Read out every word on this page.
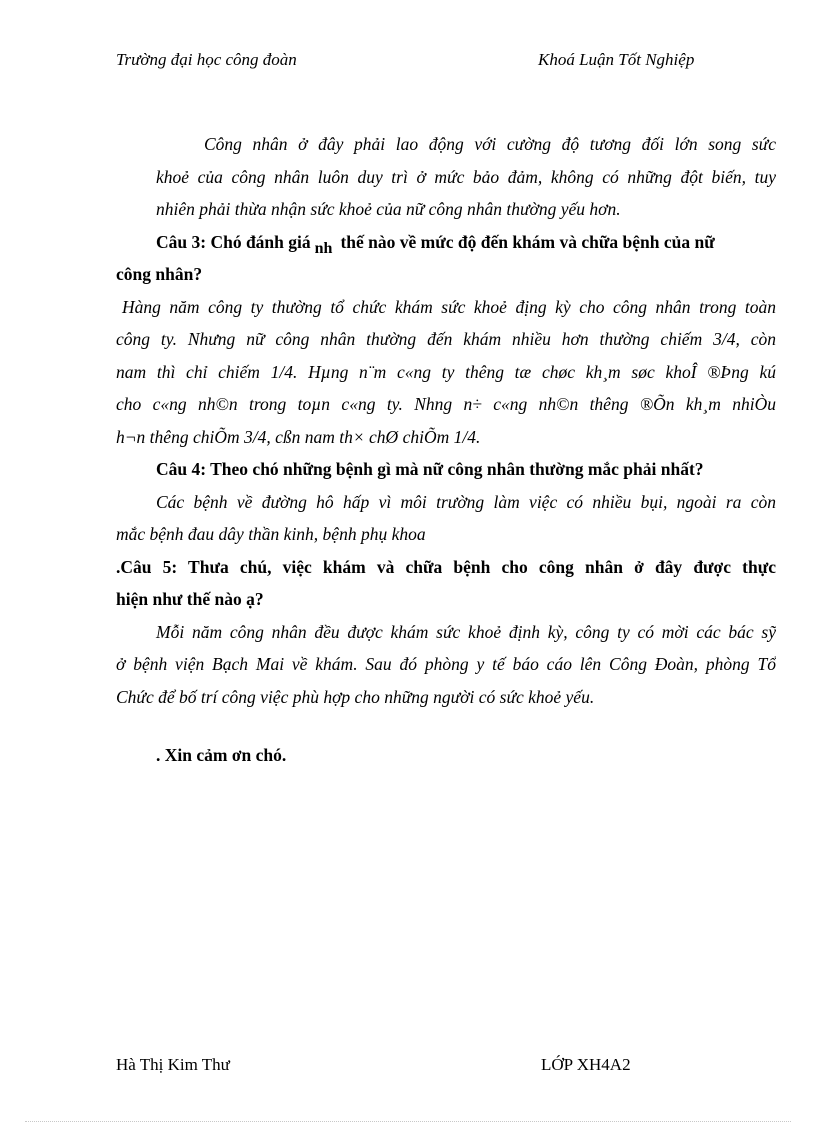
Trường đại học công đoàn	Khoá Luận Tốt Nghiệp
Công nhân ở đây phải lao động với cường độ tương đối lớn song sức
khoẻ của công nhân luôn duy trì ở mức bảo đảm, không có những đột biến, tuy
nhiên phải thừa nhận sức khoẻ của nữ công nhân thường yếu hơn.
Câu 3: Chó đánh giá nh thế nào về mức độ đến khám và chữa bệnh của nữ
công nhân?
Hàng năm công ty thường tổ chức khám sức khoẻ địng kỳ cho công nhân trong toàn
công ty. Nhưng nữ công nhân thường đến khám nhiều hơn thường chiếm 3/4, còn
nam thì chỉ chiếm 1/4. Hµng n¨m c«ng ty thêng tæ chøc kh¸m søc khoÎ ®Þng kú
cho c«ng nh©n trong toµn c«ng ty. Nhng n÷ c«ng nh©n thêng ®Õn kh¸m nhiÒu
h¬n thêng chiÕm 3/4, cßn nam th× chØ chiÕm 1/4.
Câu 4: Theo chó những bệnh gì mà nữ công nhân thường mắc phải nhất?
Các bệnh về đường hô hấp vì môi trường làm việc có nhiều bụi, ngoài ra còn
mắc bệnh đau dây thần kinh, bệnh phụ khoa
.Câu 5: Thưa chú, việc khám và chữa bệnh cho công nhân ở đây được thực
hiện như thế nào ạ?
Mỗi năm công nhân đều được khám sức khoẻ định kỳ, công ty có mời các bác sỹ
ở bệnh viện Bạch Mai về khám. Sau đó phòng y tế báo cáo lên Công Đoàn, phòng Tổ
Chức để bố trí công việc phù hợp cho những người có sức khoẻ yếu.
. Xin cảm ơn chó.
Hà Thị Kim Thư	LỚP XH4A2
